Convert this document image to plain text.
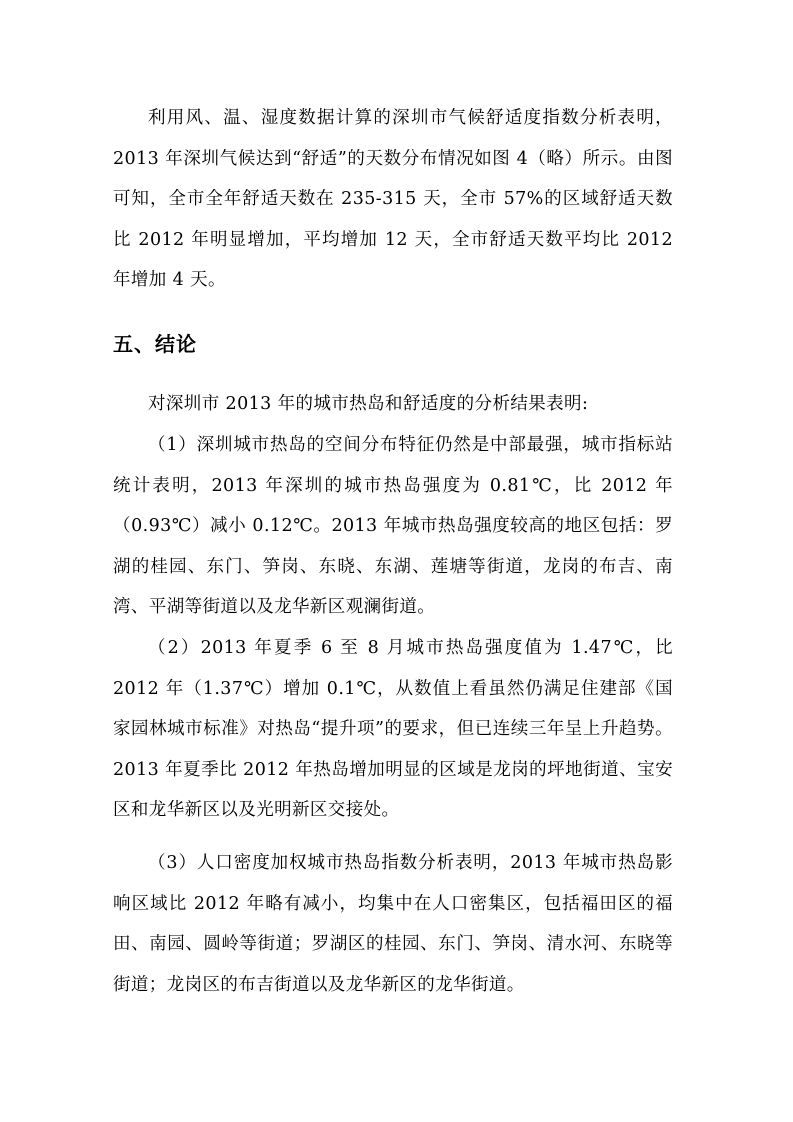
利用风、温、湿度数据计算的深圳市气候舒适度指数分析表明，2013 年深圳气候达到“舒适”的天数分布情况如图 4（略）所示。由图可知，全市全年舒适天数在 235-315 天，全市 57%的区域舒适天数比 2012 年明显增加，平均增加 12 天，全市舒适天数平均比 2012 年增加 4 天。

五、结论

对深圳市 2013 年的城市热岛和舒适度的分析结果表明:

（1）深圳城市热岛的空间分布特征仍然是中部最强，城市指标站统计表明，2013 年深圳的城市热岛强度为 0.81℃，比 2012 年（0.93℃）减小 0.12℃。2013 年城市热岛强度较高的地区包括：罗湖的桂园、东门、笋岗、东晓、东湖、莲塘等街道，龙岗的布吉、南湾、平湖等街道以及龙华新区观澜街道。

（2）2013 年夏季 6 至 8 月城市热岛强度值为 1.47℃，比 2012 年（1.37℃）增加 0.1℃，从数值上看虽然仍满足住建部《国家园林城市标准》对热岛“提升项”的要求，但已连续三年呈上升趋势。2013 年夏季比 2012 年热岛增加明显的区域是龙岗的坪地街道、宝安区和龙华新区以及光明新区交接处。

（3）人口密度加权城市热岛指数分析表明，2013 年城市热岛影响区域比 2012 年略有减小，均集中在人口密集区，包括福田区的福田、南园、圆岭等街道；罗湖区的桂园、东门、笋岗、清水河、东晓等街道；龙岗区的布吉街道以及龙华新区的龙华街道。
